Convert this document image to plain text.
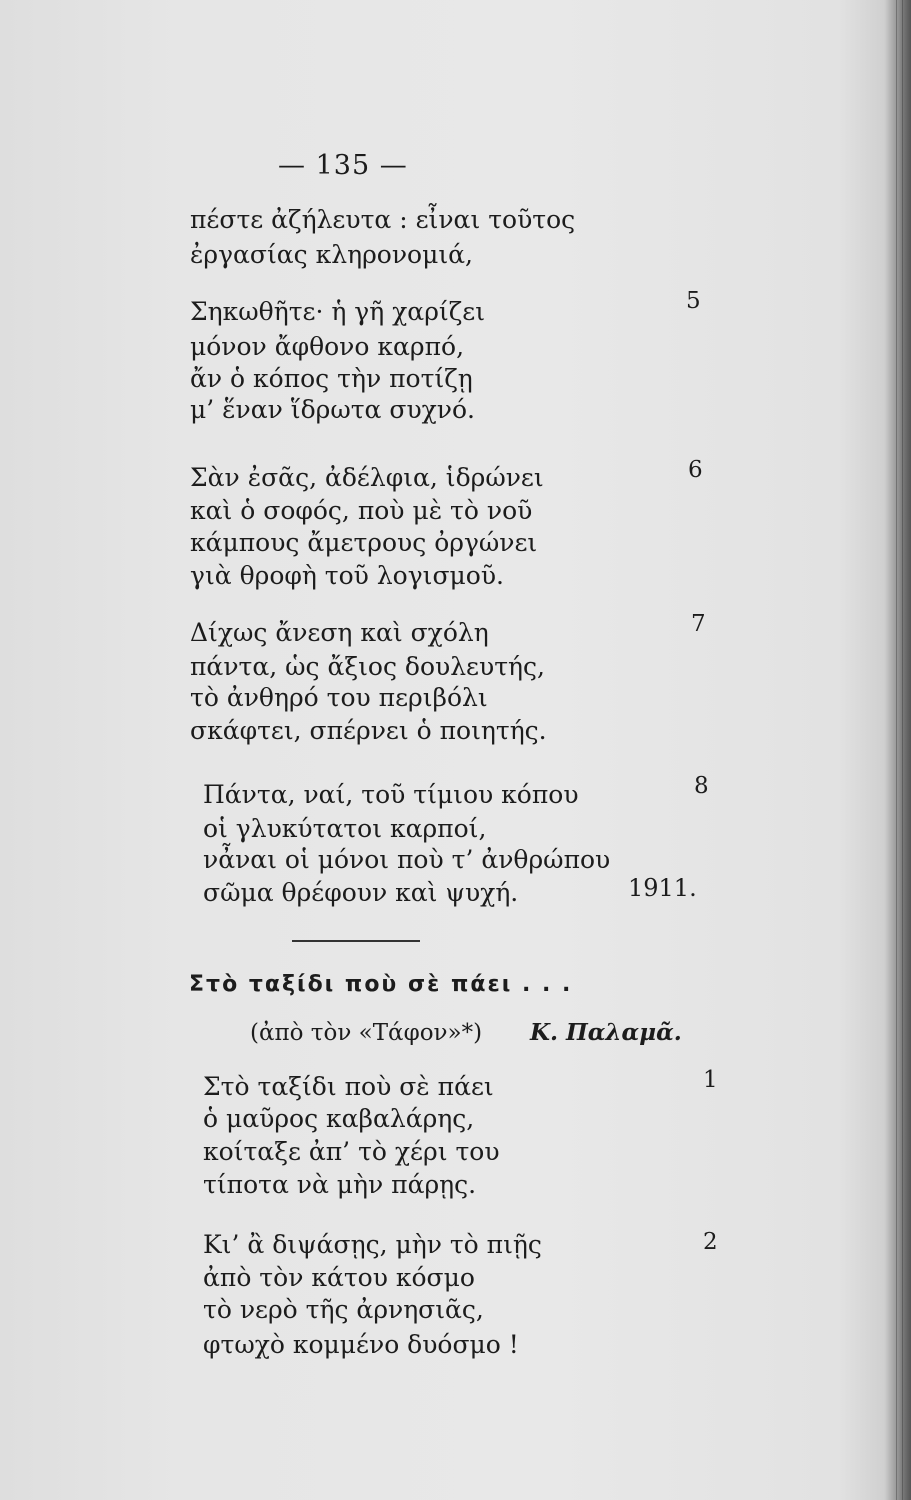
— 135 —
πέστε ἀζήλευτα : εἶναι τοῦτος
ἐργασίας κληρονομιά,
Σηκωθῆτε· ἡ γῆ χαρίζει
μόνον ἄφθονο καρπό,
ἄν ὁ κόπος τὴν ποτίζῃ
μ’ ἕναν ἵδρωτα συχνό.
5
Σὰν ἐσᾶς, ἀδέλφια, ἱδρώνει
καὶ ὁ σοφός, ποὺ μὲ τὸ νοῦ
κάμπους ἄμετρους ὀργώνει
γιὰ θροφὴ τοῦ λογισμοῦ.
6
Δίχως ἄνεση καὶ σχόλη
πάντα, ὡς ἄξιος δουλευτής,
τὸ ἀνθηρό του περιβόλι
σκάφτει, σπέρνει ὁ ποιητής.
7
Πάντα, ναί, τοῦ τίμιου κόπου
οἱ γλυκύτατοι καρποί,
νἆναι οἱ μόνοι ποὺ τ’ ἀνθρώπου
σῶμα θρέφουν καὶ ψυχή.
8
1911.
Στὸ ταξίδι ποὺ σὲ πάει . . .
(ἀπὸ τὸν «Τάφον»*) Κ. Παλαμᾶ.
Στὸ ταξίδι ποὺ σὲ πάει
ὁ μαῦρος καβαλάρης,
κοίταξε ἀπ’ τὸ χέρι του
τίποτα νὰ μὴν πάρῃς.
1
Κι’ ἂ διψάσῃς, μὴν τὸ πιῇς
ἀπὸ τὸν κάτου κόσμο
τὸ νερὸ τῆς ἀρνησιᾶς,
φτωχὸ κομμένο δυόσμο !
2
